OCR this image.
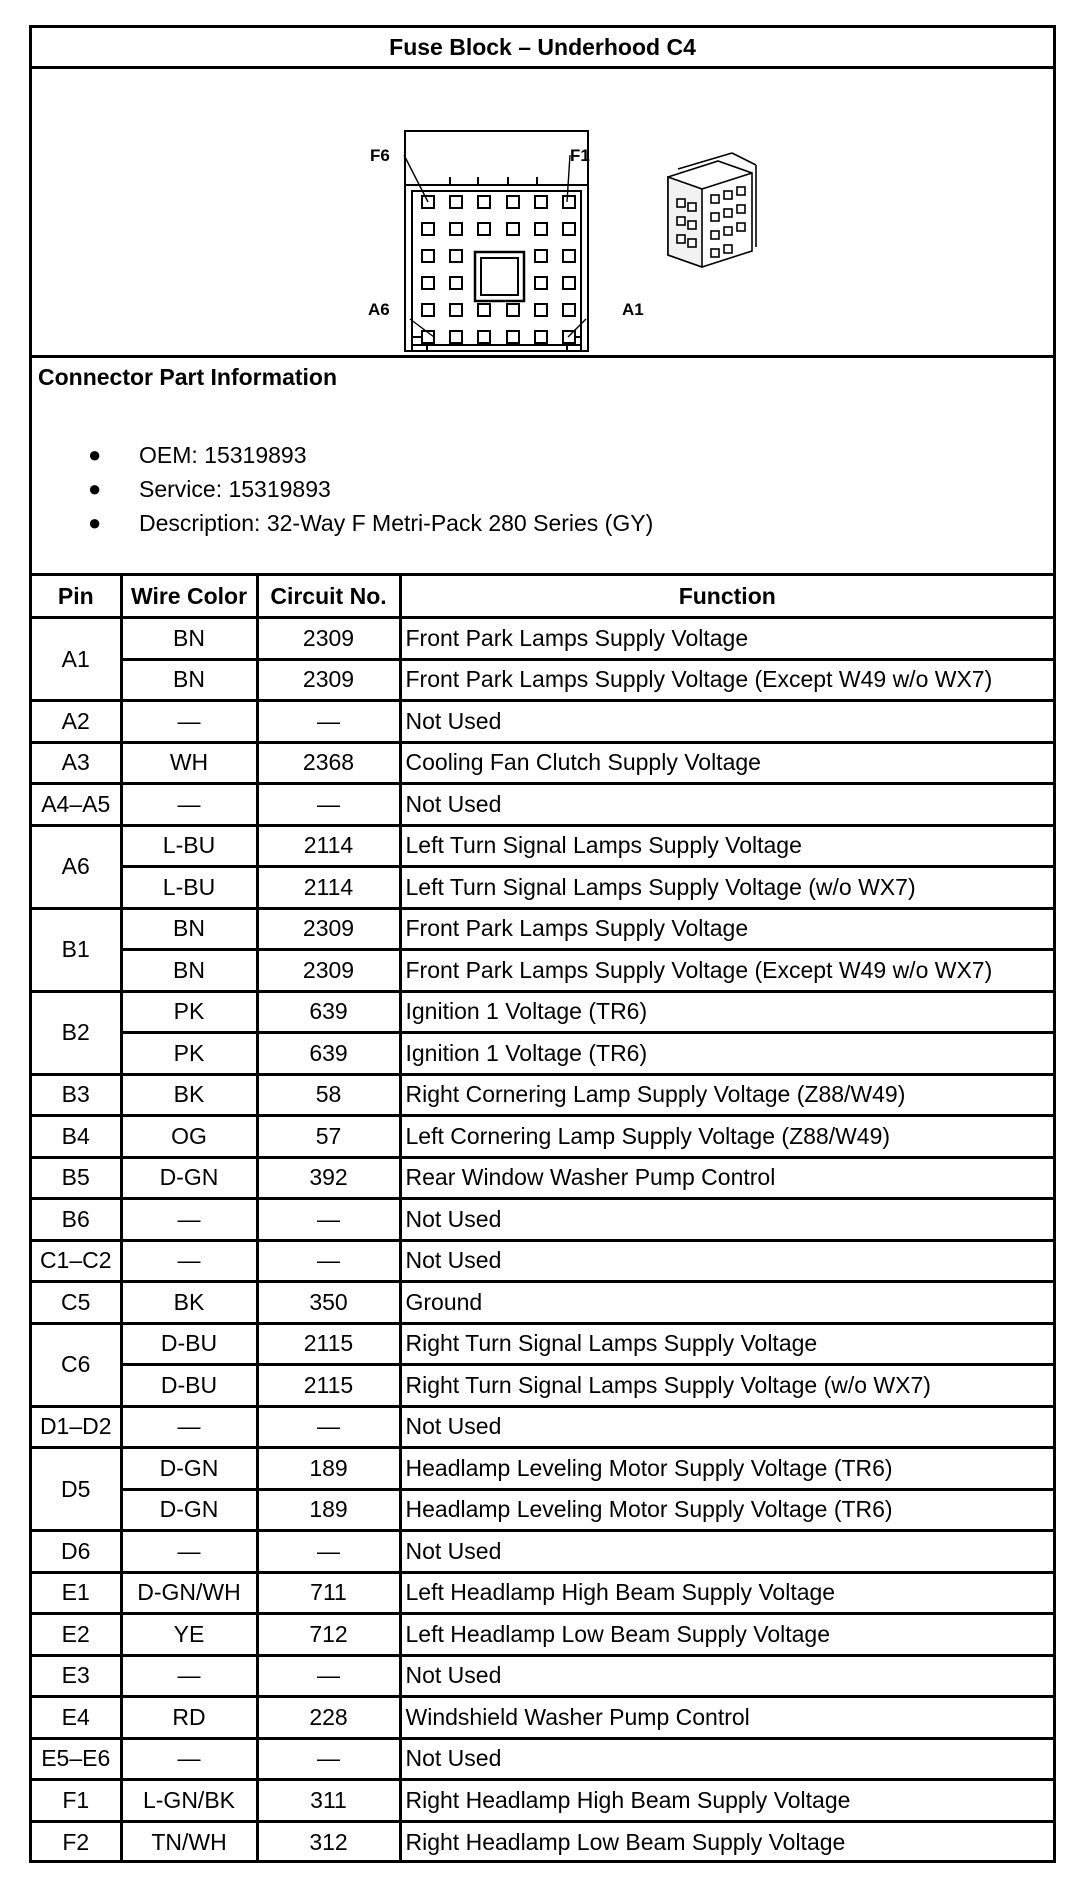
Fuse Block – Underhood C4
F6	F1
A6	A1
Connector Part Information
● OEM: 15319893
● Service: 15319893
● Description: 32-Way F Metri-Pack 280 Series (GY)
Pin	Wire Color	Circuit No.	Function
A1	BN	2309	Front Park Lamps Supply Voltage
	BN	2309	Front Park Lamps Supply Voltage (Except W49 w/o WX7)
A2	—	—	Not Used
A3	WH	2368	Cooling Fan Clutch Supply Voltage
A4–A5	—	—	Not Used
A6	L-BU	2114	Left Turn Signal Lamps Supply Voltage
	L-BU	2114	Left Turn Signal Lamps Supply Voltage (w/o WX7)
B1	BN	2309	Front Park Lamps Supply Voltage
	BN	2309	Front Park Lamps Supply Voltage (Except W49 w/o WX7)
B2	PK	639	Ignition 1 Voltage (TR6)
	PK	639	Ignition 1 Voltage (TR6)
B3	BK	58	Right Cornering Lamp Supply Voltage (Z88/W49)
B4	OG	57	Left Cornering Lamp Supply Voltage (Z88/W49)
B5	D-GN	392	Rear Window Washer Pump Control
B6	—	—	Not Used
C1–C2	—	—	Not Used
C5	BK	350	Ground
C6	D-BU	2115	Right Turn Signal Lamps Supply Voltage
	D-BU	2115	Right Turn Signal Lamps Supply Voltage (w/o WX7)
D1–D2	—	—	Not Used
D5	D-GN	189	Headlamp Leveling Motor Supply Voltage (TR6)
	D-GN	189	Headlamp Leveling Motor Supply Voltage (TR6)
D6	—	—	Not Used
E1	D-GN/WH	711	Left Headlamp High Beam Supply Voltage
E2	YE	712	Left Headlamp Low Beam Supply Voltage
E3	—	—	Not Used
E4	RD	228	Windshield Washer Pump Control
E5–E6	—	—	Not Used
F1	L-GN/BK	311	Right Headlamp High Beam Supply Voltage
F2	TN/WH	312	Right Headlamp Low Beam Supply Voltage
